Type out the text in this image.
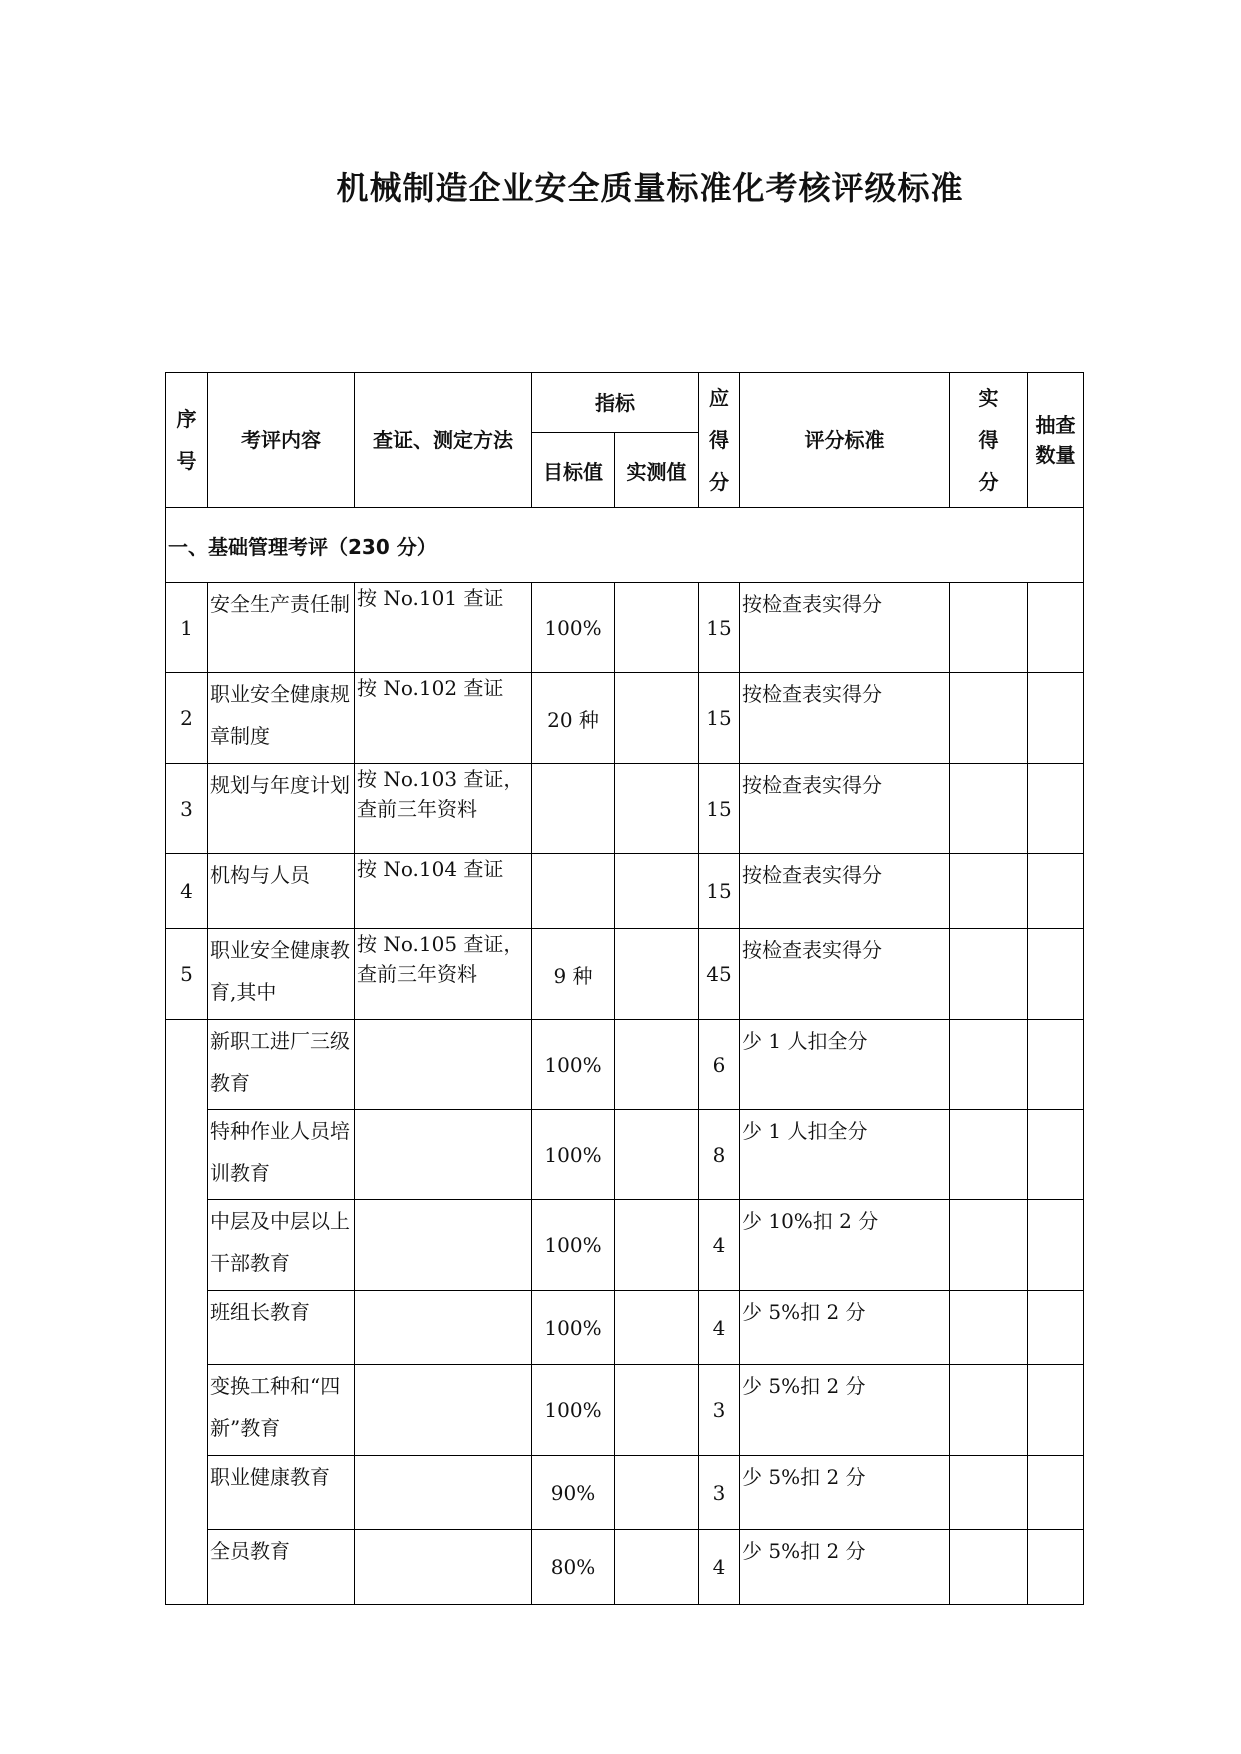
机械制造企业安全质量标准化考核评级标准
序号	考评内容	查证、测定方法	指标		应得分	评分标准	实得分	抽查数量
			目标值	实测值				
一、基础管理考评（230 分）								
1	安全生产责任制	按 No.101 查证	100%		15	按检查表实得分		
2	职业安全健康规章制度	按 No.102 查证	20 种		15	按检查表实得分		
3	规划与年度计划	按 No.103 查证，查前三年资料			15	按检查表实得分		
4	机构与人员	按 No.104 查证			15	按检查表实得分		
5	职业安全健康教育,其中	按 No.105 查证，查前三年资料	9 种		45	按检查表实得分		
	新职工进厂三级教育		100%		6	少 1 人扣全分		
	特种作业人员培训教育		100%		8	少 1 人扣全分		
	中层及中层以上干部教育		100%		4	少 10%扣 2 分		
	班组长教育		100%		4	少 5%扣 2 分		
	变换工种和“四新”教育		100%		3	少 5%扣 2 分		
	职业健康教育		90%		3	少 5%扣 2 分		
	全员教育		80%		4	少 5%扣 2 分		
